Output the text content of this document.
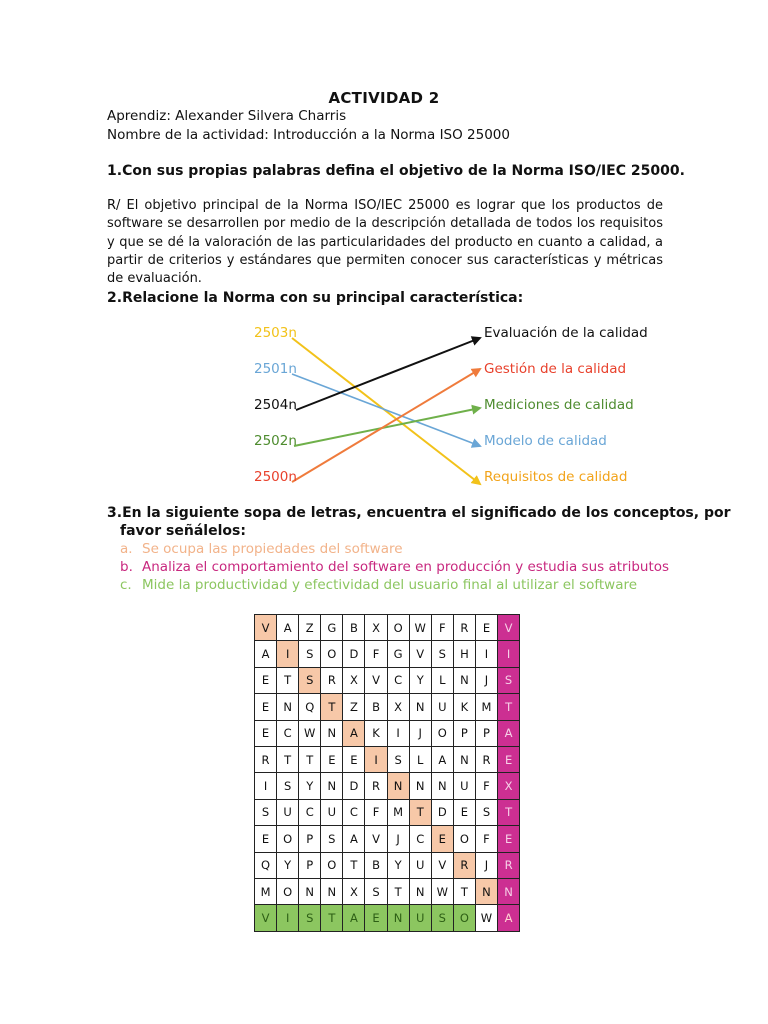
ACTIVIDAD 2
Aprendiz: Alexander Silvera Charris
Nombre de la actividad: Introducción a la Norma ISO 25000
1.Con sus propias palabras defina el objetivo de la Norma ISO/IEC 25000.
R/ El objetivo principal de la Norma ISO/IEC 25000 es lograr que los productos de software se desarrollen por medio de la descripción detallada de todos los requisitos y que se dé la valoración de las particularidades del producto en cuanto a calidad, a partir de criterios y estándares que permiten conocer sus características y métricas de evaluación.
2.Relacione la Norma con su principal característica:
2503n
2501n
2504n
2502n
2500n
Evaluación de la calidad
Gestión de la calidad
Mediciones de calidad
Modelo de calidad
Requisitos de calidad
3.En la siguiente sopa de letras, encuentra el significado de los conceptos, por
favor señálelos:
a. Se ocupa las propiedades del software
b. Analiza el comportamiento del software en producción y estudia sus atributos
c. Mide la productividad y efectividad del usuario final al utilizar el software
V	A	Z	G	B	X	O	W	F	R	E	V
A	I	S	O	D	F	G	V	S	H	I	I
E	T	S	R	X	V	C	Y	L	N	J	S
E	N	Q	T	Z	B	X	N	U	K	M	T
E	C	W	N	A	K	I	J	O	P	P	A
R	T	T	E	E	I	S	L	A	N	R	E
I	S	Y	N	D	R	N	N	N	U	F	X
S	U	C	U	C	F	M	T	D	E	S	T
E	O	P	S	A	V	J	C	E	O	F	E
Q	Y	P	O	T	B	Y	U	V	R	J	R
M	O	N	N	X	S	T	N	W	T	N	N
V	I	S	T	A	E	N	U	S	O	W	A
